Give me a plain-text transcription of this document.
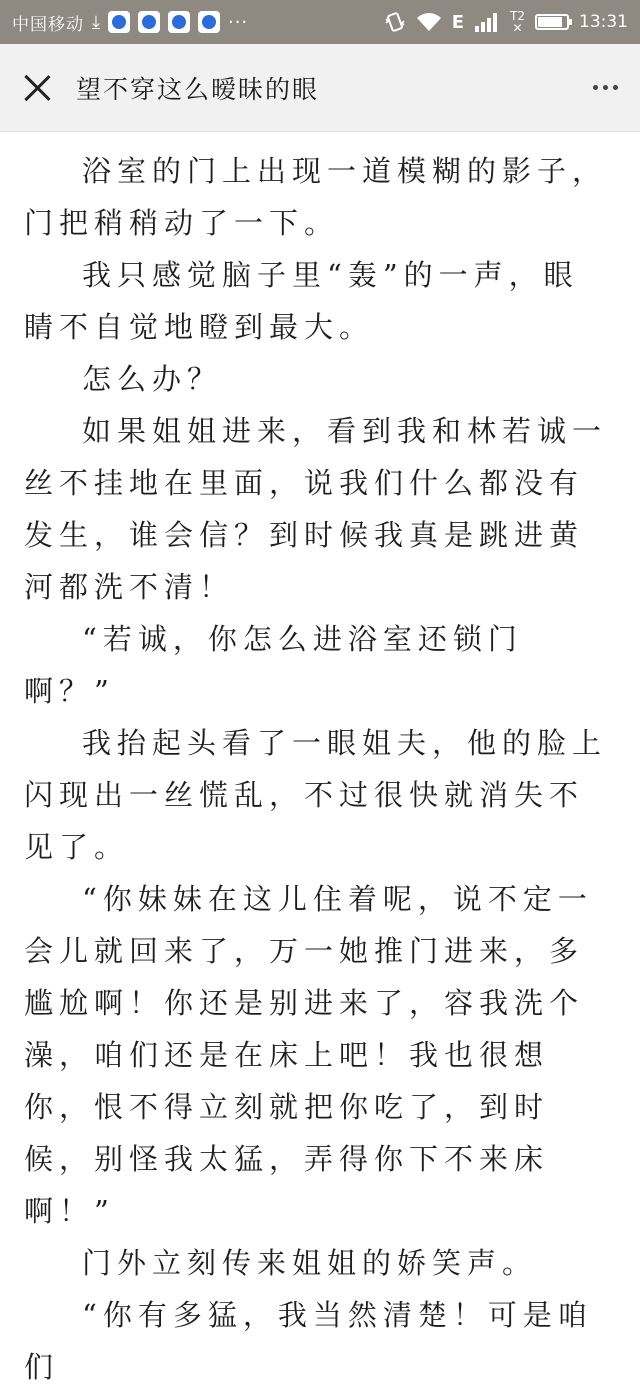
中国移动 ⤓	···	E	T2
✕	13:31
望不穿这么暧昧的眼

浴室的门上出现一道模糊的影子，门把稍稍动了一下。

我只感觉脑子里“轰”的一声，眼睛不自觉地瞪到最大。

怎么办？

如果姐姐进来，看到我和林若诚一丝不挂地在里面，说我们什么都没有发生，谁会信？到时候我真是跳进黄河都洗不清！

“若诚，你怎么进浴室还锁门啊？”

我抬起头看了一眼姐夫，他的脸上闪现出一丝慌乱，不过很快就消失不见了。

“你妹妹在这儿住着呢，说不定一会儿就回来了，万一她推门进来，多尴尬啊！你还是别进来了，容我洗个澡，咱们还是在床上吧！我也很想你，恨不得立刻就把你吃了，到时候，别怪我太猛，弄得你下不来床啊！”

门外立刻传来姐姐的娇笑声。

“你有多猛，我当然清楚！可是咱们
